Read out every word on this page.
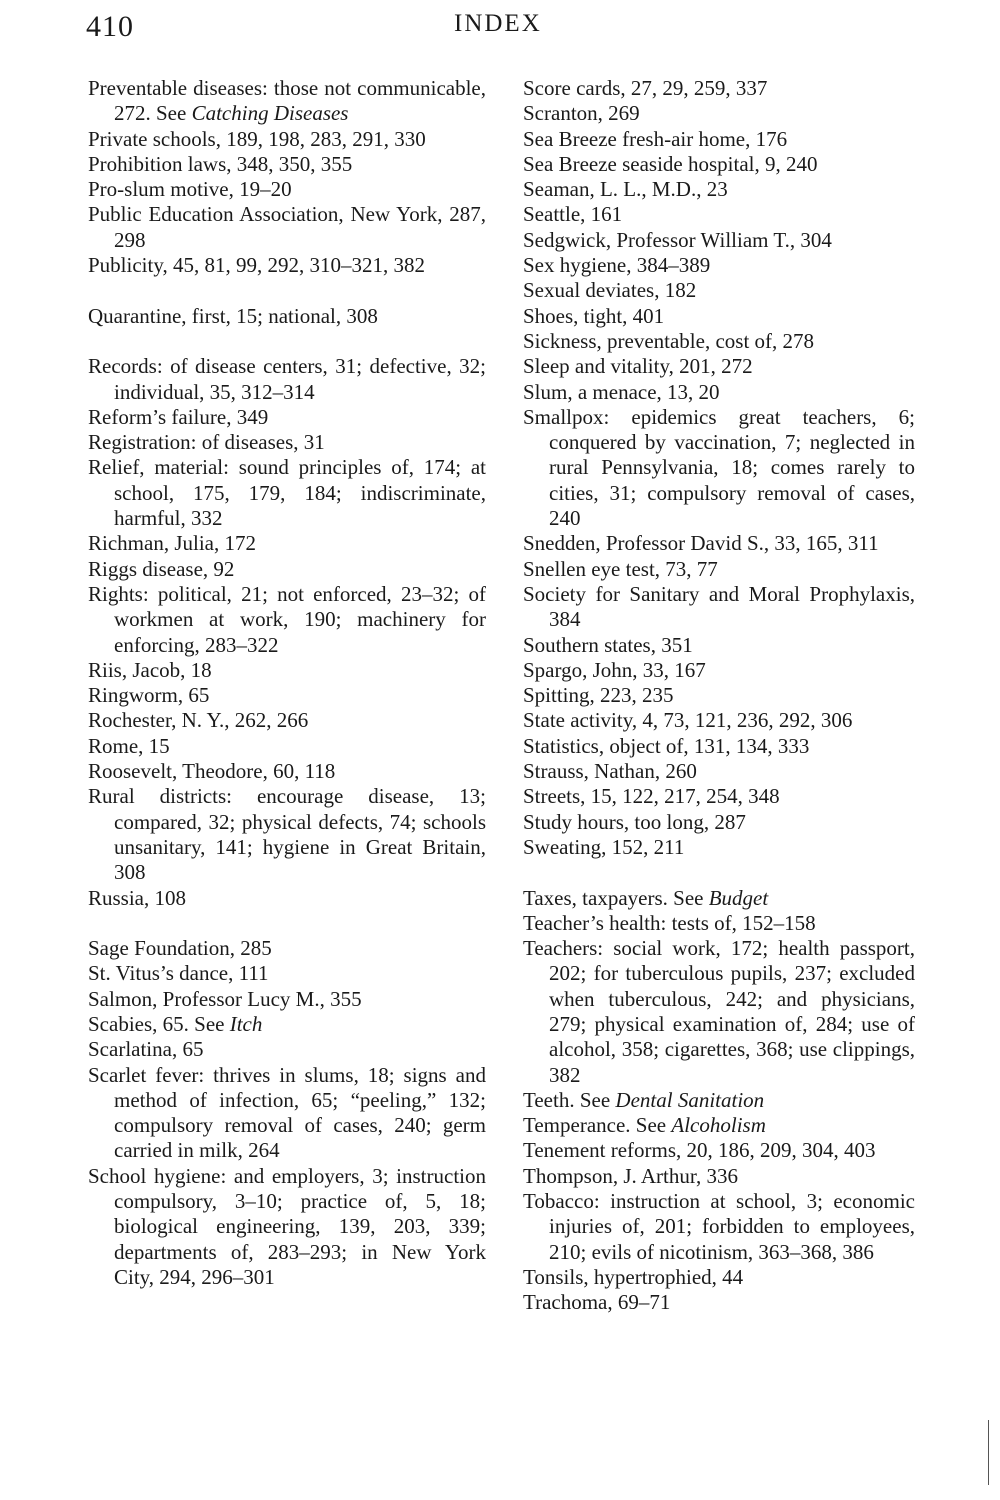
410	INDEX

Preventable diseases: those not communicable, 272. See Catching Diseases

Private schools, 189, 198, 283, 291, 330

Prohibition laws, 348, 350, 355

Pro-slum motive, 19–20

Public Education Association, New York, 287, 298

Publicity, 45, 81, 99, 292, 310–321, 382

Quarantine, first, 15; national, 308

Records: of disease centers, 31; defective, 32; individual, 35, 312–314

Reform’s failure, 349

Registration: of diseases, 31

Relief, material: sound principles of, 174; at school, 175, 179, 184; indiscriminate, harmful, 332

Richman, Julia, 172

Riggs disease, 92

Rights: political, 21; not enforced, 23–32; of workmen at work, 190; machinery for enforcing, 283–322

Riis, Jacob, 18

Ringworm, 65

Rochester, N. Y., 262, 266

Rome, 15

Roosevelt, Theodore, 60, 118

Rural districts: encourage disease, 13; compared, 32; physical defects, 74; schools unsanitary, 141; hygiene in Great Britain, 308

Russia, 108

Sage Foundation, 285

St. Vitus’s dance, 111

Salmon, Professor Lucy M., 355

Scabies, 65. See Itch

Scarlatina, 65

Scarlet fever: thrives in slums, 18; signs and method of infection, 65; “peeling,” 132; compulsory removal of cases, 240; germ carried in milk, 264

School hygiene: and employers, 3; instruction compulsory, 3–10; practice of, 5, 18; biological engineering, 139, 203, 339; departments of, 283–293; in New York City, 294, 296–301

Score cards, 27, 29, 259, 337

Scranton, 269

Sea Breeze fresh-air home, 176

Sea Breeze seaside hospital, 9, 240

Seaman, L. L., M.D., 23

Seattle, 161

Sedgwick, Professor William T., 304

Sex hygiene, 384–389

Sexual deviates, 182

Shoes, tight, 401

Sickness, preventable, cost of, 278

Sleep and vitality, 201, 272

Slum, a menace, 13, 20

Smallpox: epidemics great teachers, 6; conquered by vaccination, 7; neglected in rural Pennsylvania, 18; comes rarely to cities, 31; compulsory removal of cases, 240

Snedden, Professor David S., 33, 165, 311

Snellen eye test, 73, 77

Society for Sanitary and Moral Prophylaxis, 384

Southern states, 351

Spargo, John, 33, 167

Spitting, 223, 235

State activity, 4, 73, 121, 236, 292, 306

Statistics, object of, 131, 134, 333

Strauss, Nathan, 260

Streets, 15, 122, 217, 254, 348

Study hours, too long, 287

Sweating, 152, 211

Taxes, taxpayers. See Budget

Teacher’s health: tests of, 152–158

Teachers: social work, 172; health passport, 202; for tuberculous pupils, 237; excluded when tuberculous, 242; and physicians, 279; physical examination of, 284; use of alcohol, 358; cigarettes, 368; use clippings, 382

Teeth. See Dental Sanitation

Temperance. See Alcoholism

Tenement reforms, 20, 186, 209, 304, 403

Thompson, J. Arthur, 336

Tobacco: instruction at school, 3; economic injuries of, 201; forbidden to employees, 210; evils of nicotinism, 363–368, 386

Tonsils, hypertrophied, 44

Trachoma, 69–71
